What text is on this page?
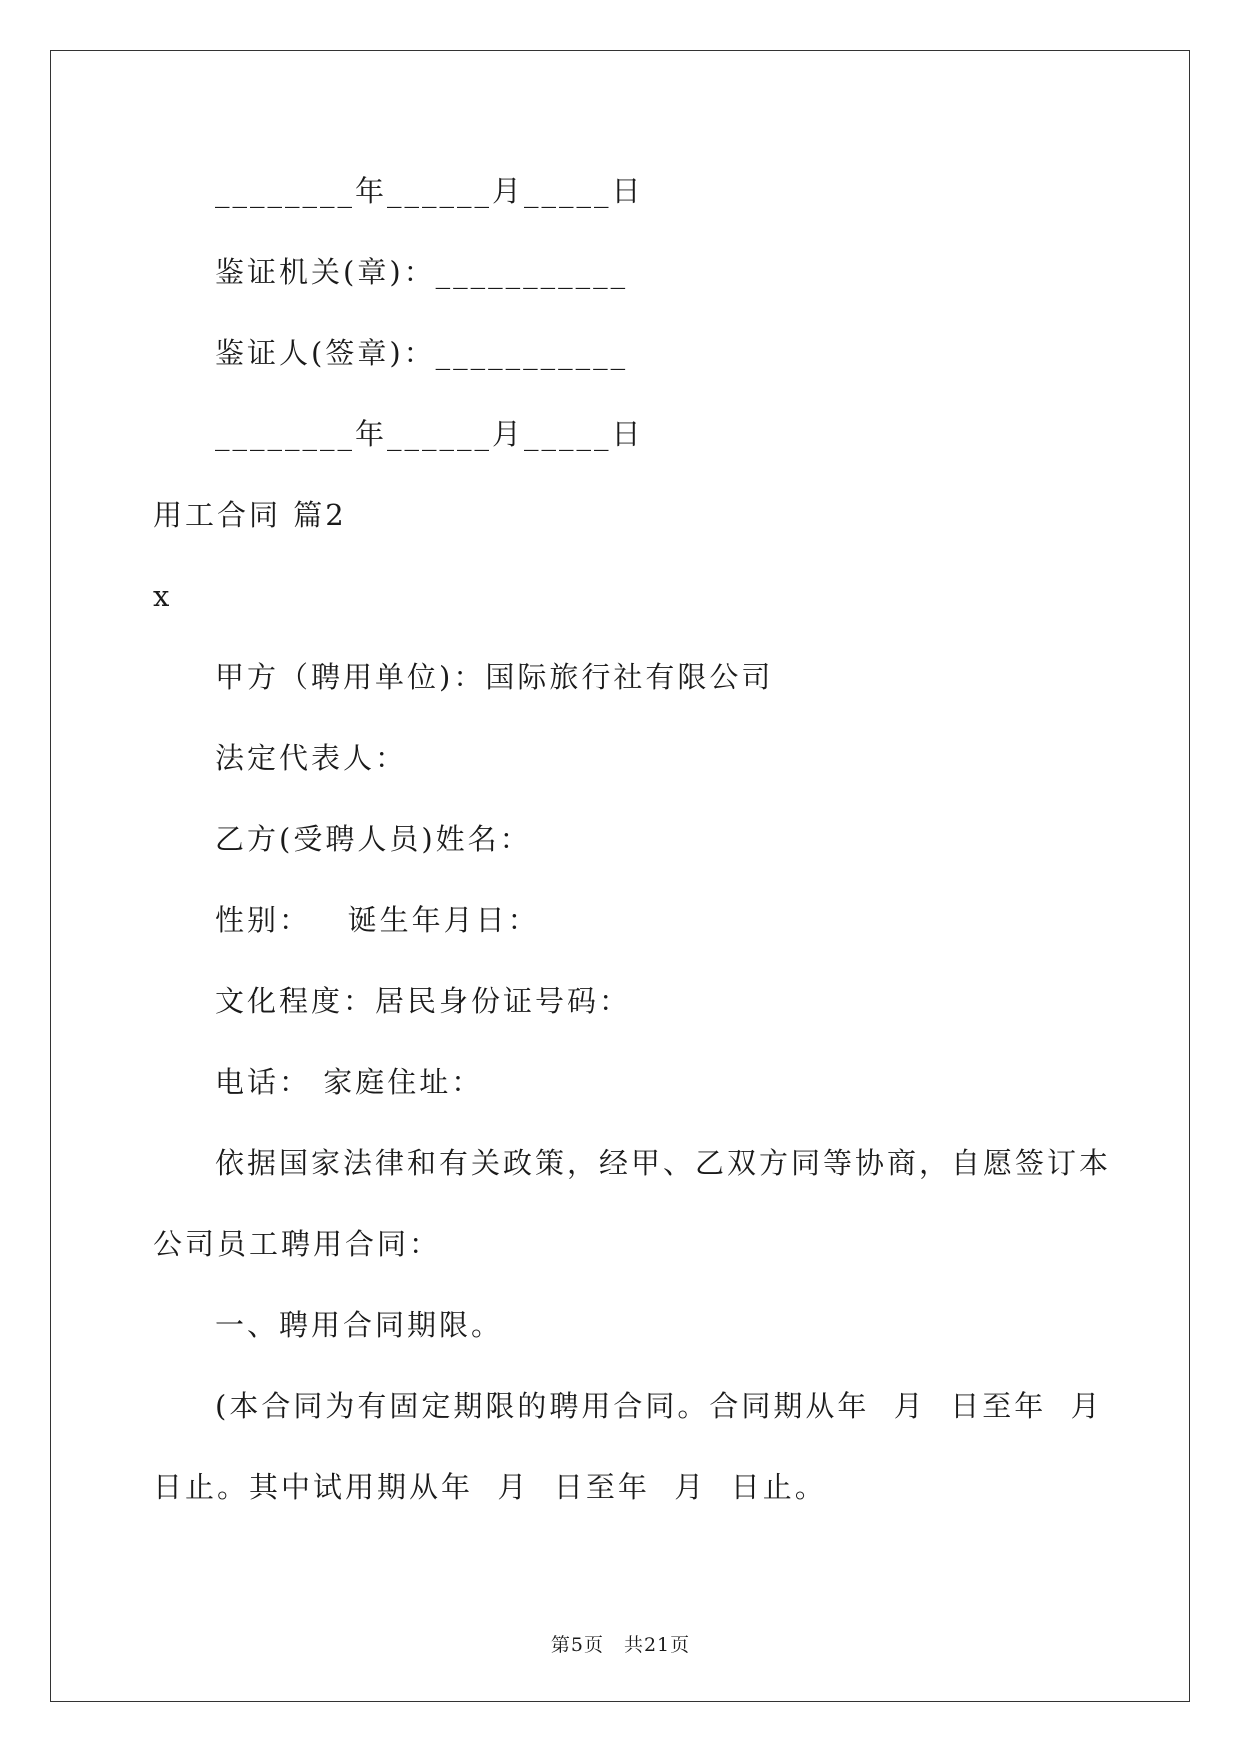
________年______月_____日
鉴证机关(章)：___________
鉴证人(签章)：___________
________年______月_____日
用工合同 篇2
x
甲方（聘用单位)：国际旅行社有限公司
法定代表人：
乙方(受聘人员)姓名：
性别：   诞生年月日：
文化程度：居民身份证号码：
电话： 家庭住址：
依据国家法律和有关政策，经甲、乙双方同等协商，自愿签订本
公司员工聘用合同：
一、聘用合同期限。
(本合同为有固定期限的聘用合同。合同期从年  月  日至年  月
日止。其中试用期从年  月  日至年  月  日止。
第5页　共21页
